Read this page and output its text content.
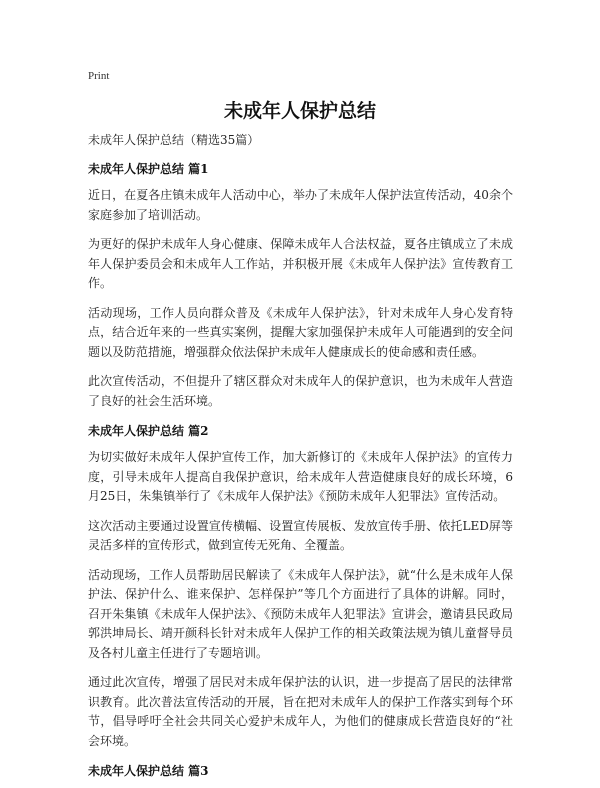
Print
未成年人保护总结

未成年人保护总结（精选35篇）

未成年人保护总结 篇1

近日，在夏各庄镇未成年人活动中心，举办了未成年人保护法宣传活动，40余个家庭参加了培训活动。

为更好的保护未成年人身心健康、保障未成年人合法权益，夏各庄镇成立了未成年人保护委员会和未成年人工作站，并积极开展《未成年人保护法》宣传教育工作。

活动现场，工作人员向群众普及《未成年人保护法》，针对未成年人身心发育特点，结合近年来的一些真实案例，提醒大家加强保护未成年人可能遇到的安全问题以及防范措施，增强群众依法保护未成年人健康成长的使命感和责任感。

此次宣传活动，不但提升了辖区群众对未成年人的保护意识，也为未成年人营造了良好的社会生活环境。

未成年人保护总结 篇2

为切实做好未成年人保护宣传工作，加大新修订的《未成年人保护法》的宣传力度，引导未成年人提高自我保护意识，给未成年人营造健康良好的成长环境，6月25日，朱集镇举行了《未成年人保护法》《预防未成年人犯罪法》宣传活动。

这次活动主要通过设置宣传横幅、设置宣传展板、发放宣传手册、依托LED屏等灵活多样的宣传形式，做到宣传无死角、全覆盖。

活动现场，工作人员帮助居民解读了《未成年人保护法》，就“什么是未成年人保护法、保护什么、谁来保护、怎样保护”等几个方面进行了具体的讲解。同时，召开朱集镇《未成年人保护法》、《预防未成年人犯罪法》宣讲会，邀请县民政局郭洪坤局长、靖开颜科长针对未成年人保护工作的相关政策法规为镇儿童督导员及各村儿童主任进行了专题培训。

通过此次宣传，增强了居民对未成年保护法的认识，进一步提高了居民的法律常识教育。此次普法宣传活动的开展，旨在把对未成年人的保护工作落实到每个环节，倡导呼吁全社会共同关心爱护未成年人，为他们的健康成长营造良好的“社会环境。

未成年人保护总结 篇3
